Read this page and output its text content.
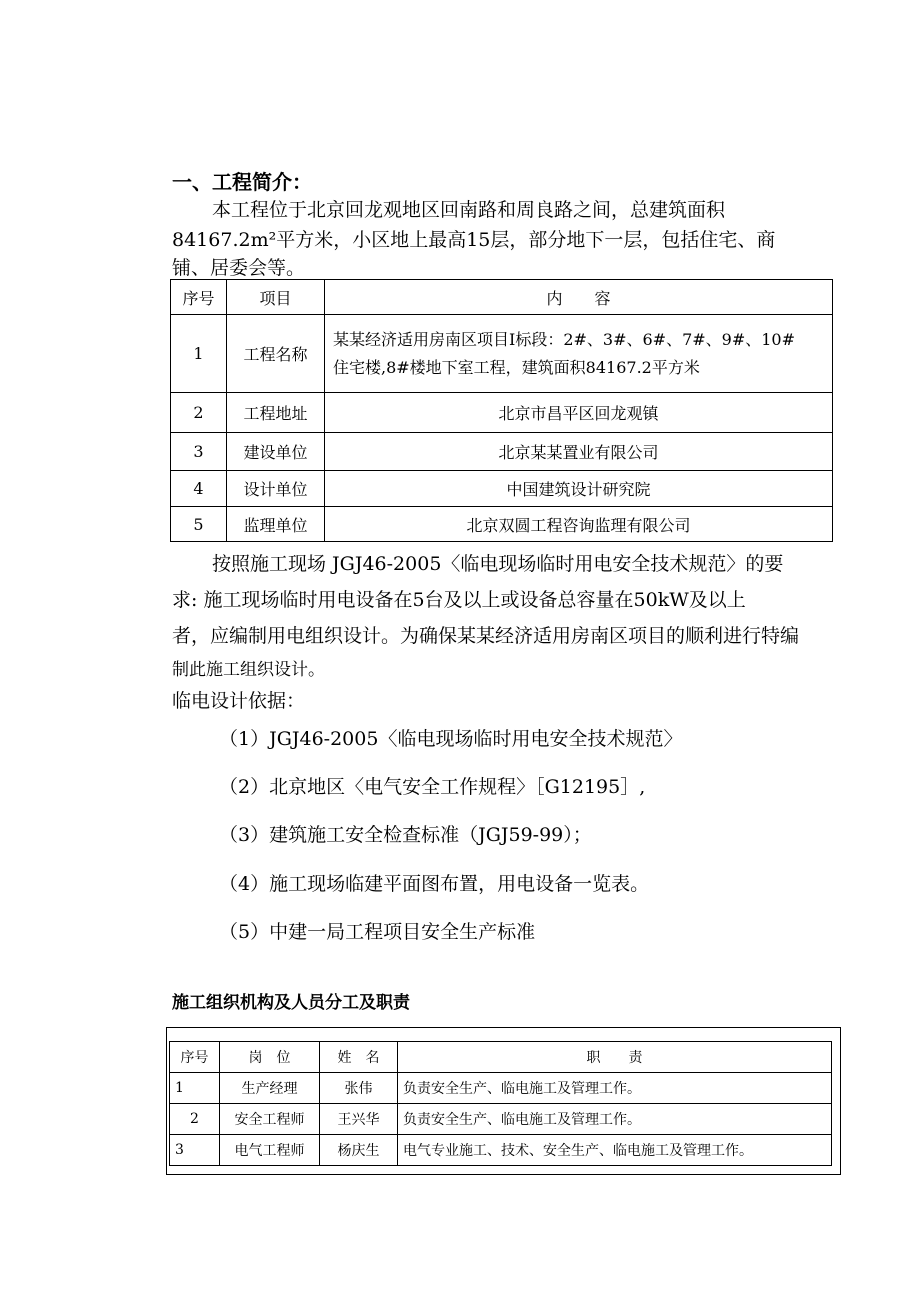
一、工程简介：
本工程位于北京回龙观地区回南路和周良路之间，总建筑面积
84167.2m²平方米，小区地上最高15层，部分地下一层，包括住宅、商
铺、居委会等。
序号	项目	内　　容
1	工程名称	某某经济适用房南区项目Ⅰ标段：2#、3#、6#、7#、9#、10#
住宅楼,8#楼地下室工程，建筑面积84167.2平方米

2	工程地址	北京市昌平区回龙观镇
3	建设单位	北京某某置业有限公司
4	设计单位	中国建筑设计研究院
5	监理单位	北京双圆工程咨询监理有限公司
按照施工现场 JGJ46-2005〈临电现场临时用电安全技术规范〉的要
求: 施工现场临时用电设备在5台及以上或设备总容量在50kW及以上
者，应编制用电组织设计。为确保某某经济适用房南区项目的顺利进行特编
制此施工组织设计。
临电设计依据：
（1）JGJ46-2005〈临电现场临时用电安全技术规范〉
（2）北京地区〈电气安全工作规程〉［G12195］,
（3）建筑施工安全检查标准（JGJ59-99）；
（4）施工现场临建平面图布置，用电设备一览表。
（5）中建一局工程项目安全生产标准
施工组织机构及人员分工及职责
序号	岗　位	姓　名	职　　责
1	生产经理	张伟	负责安全生产、临电施工及管理工作。
2	安全工程师	王兴华	负责安全生产、临电施工及管理工作。
3	电气工程师	杨庆生	电气专业施工、技术、安全生产、临电施工及管理工作。
